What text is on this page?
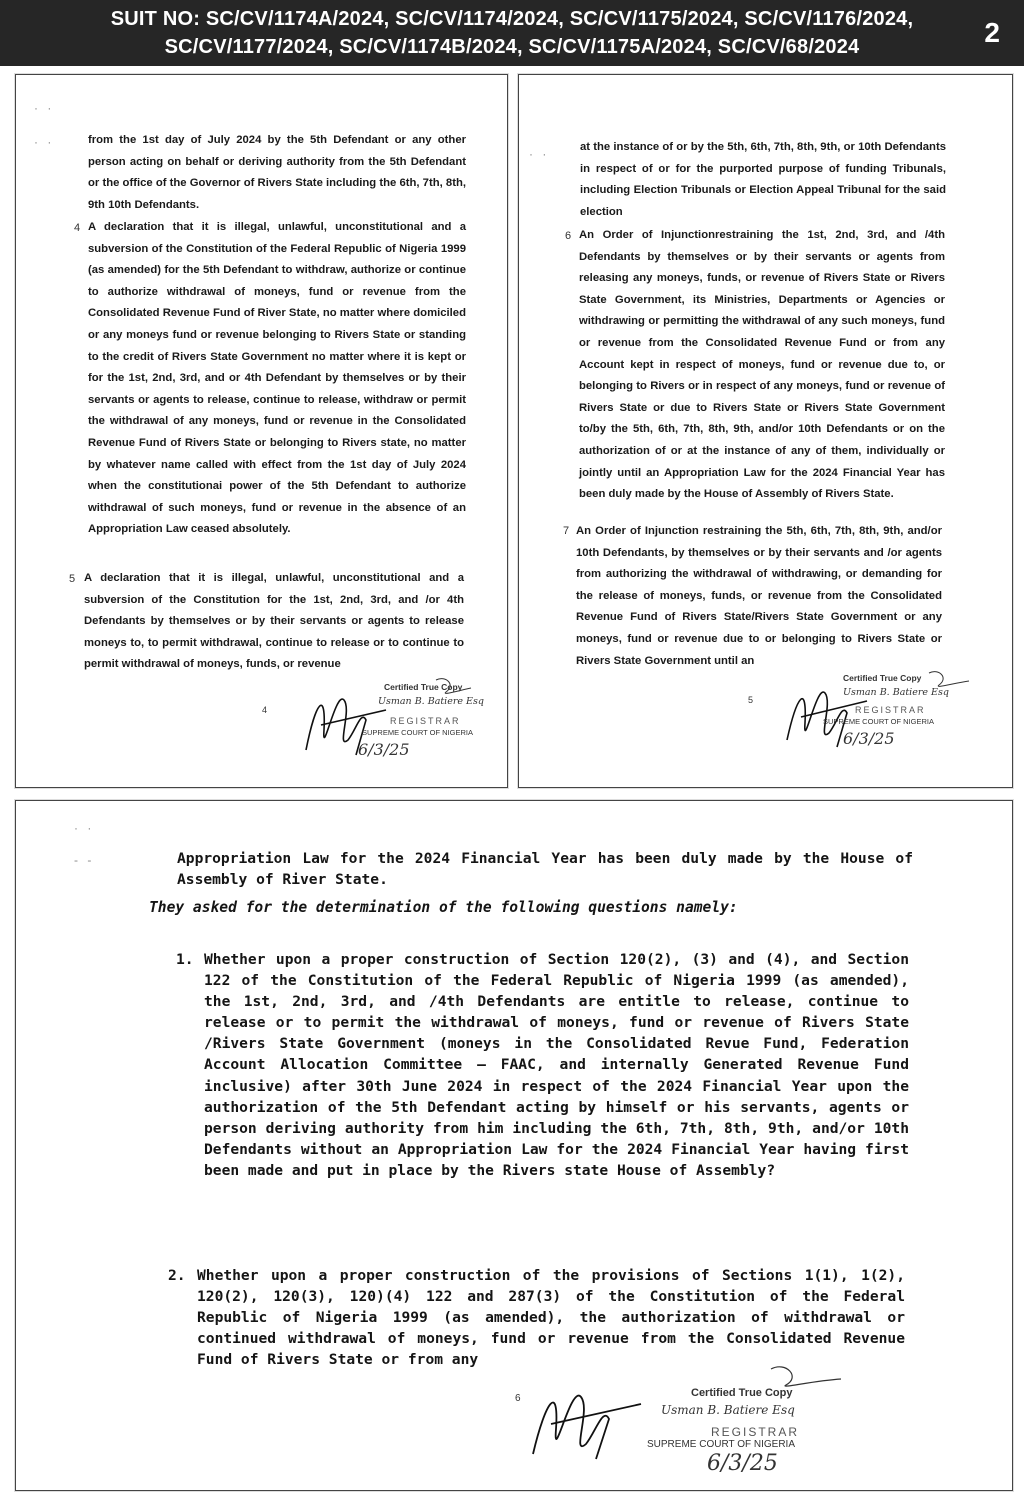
SUIT NO: SC/CV/1174A/2024, SC/CV/1174/2024, SC/CV/1175/2024, SC/CV/1176/2024,
SC/CV/1177/2024, SC/CV/1174B/2024, SC/CV/1175A/2024, SC/CV/68/2024	2
· ·
· ·	from the 1st day of July 2024 by the 5th Defendant or any other person acting on behalf or deriving authority from the 5th Defendant or the office of the Governor of Rivers State including the 6th, 7th, 8th, 9th 10th Defendants.
4 A declaration that it is illegal, unlawful, unconstitutional and a subversion of the Constitution of the Federal Republic of Nigeria 1999 (as amended) for the 5th Defendant to withdraw, authorize or continue to authorize withdrawal of moneys, fund or revenue from the Consolidated Revenue Fund of River State, no matter where domiciled or any moneys fund or revenue belonging to Rivers State or standing to the credit of Rivers State Government no matter where it is kept or for the 1st, 2nd, 3rd, and or 4th Defendant by themselves or by their servants or agents to release, continue to release, withdraw or permit the withdrawal of any moneys, fund or revenue in the Consolidated Revenue Fund of Rivers State or belonging to Rivers state, no matter by whatever name called with effect from the 1st day of July 2024 when the constitutionai power of the 5th Defendant to authorize withdrawal of such moneys, fund or revenue in the absence of an Appropriation Law ceased absolutely.
5 A declaration that it is illegal, unlawful, unconstitutional and a subversion of the Constitution for the 1st, 2nd, 3rd, and /or 4th Defendants by themselves or by their servants or agents to release moneys to, to permit withdrawal, continue to release or to continue to permit withdrawal of moneys, funds, or revenue
4
Certified True Copy
Usman B. Batiere Esq
REGISTRAR
SUPREME COURT OF NIGERIA
6/3/25
· ·	at the instance of or by the 5th, 6th, 7th, 8th, 9th, or 10th Defendants in respect of or for the purported purpose of funding Tribunals, including Election Tribunals or Election Appeal Tribunal for the said election
6 An Order of Injunctionrestraining the 1st, 2nd, 3rd, and /4th Defendants by themselves or by their servants or agents from releasing any moneys, funds, or revenue of Rivers State or Rivers State Government, its Ministries, Departments or Agencies or withdrawing or permitting the withdrawal of any such moneys, fund or revenue from the Consolidated Revenue Fund or from any Account kept in respect of moneys, fund or revenue due to, or belonging to Rivers or in respect of any moneys, fund or revenue of Rivers State or due to Rivers State or Rivers State Government to/by the 5th, 6th, 7th, 8th, 9th, and/or 10th Defendants or on the authorization of or at the instance of any of them, individually or jointly until an Appropriation Law for the 2024 Financial Year has been duly made by the House of Assembly of Rivers State.
7 An Order of Injunction restraining the 5th, 6th, 7th, 8th, 9th, and/or 10th Defendants, by themselves or by their servants and /or agents from authorizing the withdrawal of withdrawing, or demanding for the release of moneys, funds, or revenue from the Consolidated Revenue Fund of Rivers State/Rivers State Government or any moneys, fund or revenue due to or belonging to Rivers State or Rivers State Government until an
5
Certified True Copy
Usman B. Batiere Esq
REGISTRAR
SUPREME COURT OF NIGERIA
6/3/25
· ·
- -	Appropriation Law for the 2024 Financial Year has been duly made by the House of Assembly of River State.
They asked for the determination of the following questions namely:
1. Whether upon a proper construction of Section 120(2), (3) and (4), and Section 122 of the Constitution of the Federal Republic of Nigeria 1999 (as amended), the 1st, 2nd, 3rd, and /4th Defendants are entitle to release, continue to release or to permit the withdrawal of moneys, fund or revenue of Rivers State /Rivers State Government (moneys in the Consolidated Revue Fund, Federation Account Allocation Committee – FAAC, and internally Generated Revenue Fund inclusive) after 30th June 2024 in respect of the 2024 Financial Year upon the authorization of the 5th Defendant acting by himself or his servants, agents or person deriving authority from him including the 6th, 7th, 8th, 9th, and/or 10th Defendants without an Appropriation Law for the 2024 Financial Year having first been made and put in place by the Rivers state House of Assembly?
2. Whether upon a proper construction of the provisions of Sections 1(1), 1(2), 120(2), 120(3), 120)(4) 122 and 287(3) of the Constitution of the Federal Republic of Nigeria 1999 (as amended), the authorization of withdrawal or continued withdrawal of moneys, fund or revenue from the Consolidated Revenue Fund of Rivers State or from any
6	Certified True Copy
Usman B. Batiere Esq
REGISTRAR
SUPREME COURT OF NIGERIA
6/3/25
